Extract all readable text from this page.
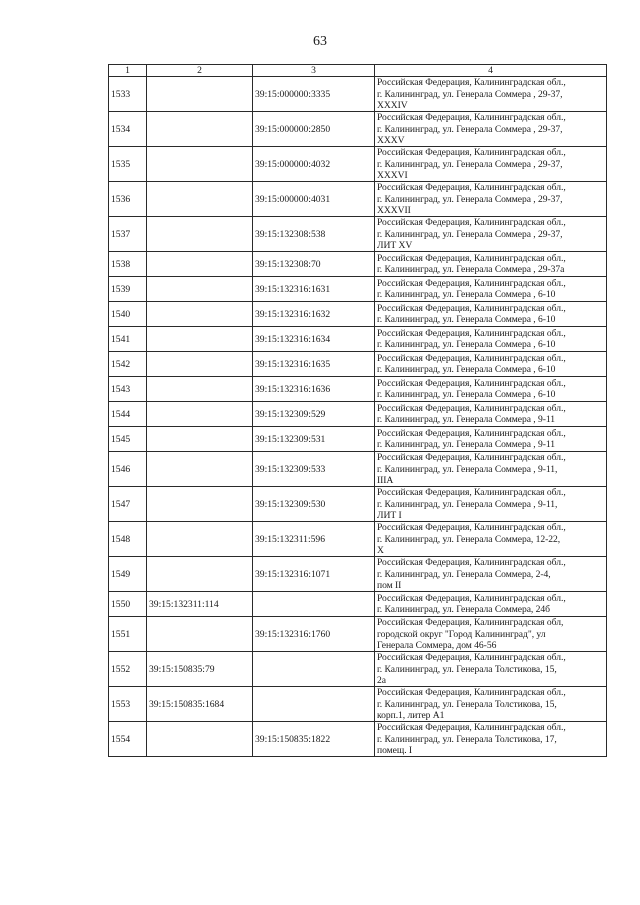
63
1	2	3	4
1533		39:15:000000:3335	Российская Федерация, Калининградская обл.,
г. Калининград, ул. Генерала Соммера , 29-37,
XXXIV

1534		39:15:000000:2850	Российская Федерация, Калининградская обл.,
г. Калининград, ул. Генерала Соммера , 29-37,
XXXV

1535		39:15:000000:4032	Российская Федерация, Калининградская обл.,
г. Калининград, ул. Генерала Соммера , 29-37,
XXXVI

1536		39:15:000000:4031	Российская Федерация, Калининградская обл.,
г. Калининград, ул. Генерала Соммера , 29-37,
XXXVII

1537		39:15:132308:538	Российская Федерация, Калининградская обл.,
г. Калининград, ул. Генерала Соммера , 29-37,
ЛИТ XV

1538		39:15:132308:70	Российская Федерация, Калининградская обл.,
г. Калининград, ул. Генерала Соммера , 29-37а

1539		39:15:132316:1631	Российская Федерация, Калининградская обл.,
г. Калининград, ул. Генерала Соммера , 6-10

1540		39:15:132316:1632	Российская Федерация, Калининградская обл.,
г. Калининград, ул. Генерала Соммера , 6-10

1541		39:15:132316:1634	Российская Федерация, Калининградская обл.,
г. Калининград, ул. Генерала Соммера , 6-10

1542		39:15:132316:1635	Российская Федерация, Калининградская обл.,
г. Калининград, ул. Генерала Соммера , 6-10

1543		39:15:132316:1636	Российская Федерация, Калининградская обл.,
г. Калининград, ул. Генерала Соммера , 6-10

1544		39:15:132309:529	Российская Федерация, Калининградская обл.,
г. Калининград, ул. Генерала Соммера , 9-11

1545		39:15:132309:531	Российская Федерация, Калининградская обл.,
г. Калининград, ул. Генерала Соммера , 9-11

1546		39:15:132309:533	Российская Федерация, Калининградская обл.,
г. Калининград, ул. Генерала Соммера , 9-11,
IIIA

1547		39:15:132309:530	Российская Федерация, Калининградская обл.,
г. Калининград, ул. Генерала Соммера , 9-11,
ЛИТ I

1548		39:15:132311:596	Российская Федерация, Калининградская обл.,
г. Калининград, ул. Генерала Соммера, 12-22,
X

1549		39:15:132316:1071	Российская Федерация, Калининградская обл.,
г. Калининград, ул. Генерала Соммера, 2-4,
пом II

1550	39:15:132311:114		Российская Федерация, Калининградская обл.,
г. Калининград, ул. Генерала Соммера, 24б

1551		39:15:132316:1760	Российская Федерация, Калининградская обл,
городской округ "Город Калининград", ул
Генерала Соммера, дом 46-56

1552	39:15:150835:79		Российская Федерация, Калининградская обл.,
г. Калининград, ул. Генерала Толстикова, 15,
2а

1553	39:15:150835:1684		Российская Федерация, Калининградская обл.,
г. Калининград, ул. Генерала Толстикова, 15,
корп.1, литер А1

1554		39:15:150835:1822	Российская Федерация, Калининградская обл.,
г. Калининград, ул. Генерала Толстикова, 17,
помещ. I
